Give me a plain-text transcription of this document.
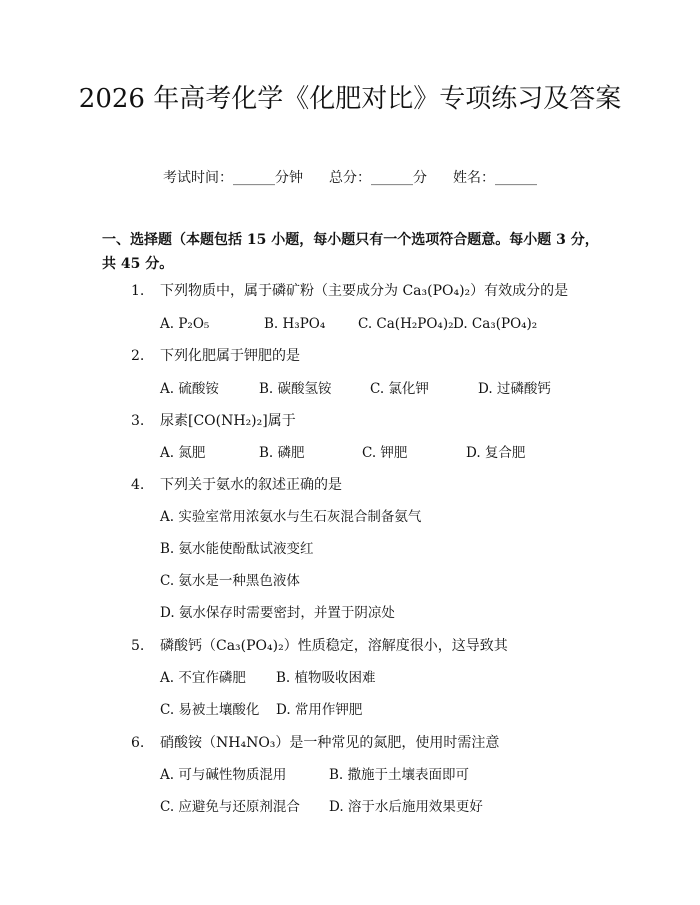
2026 年高考化学《化肥对比》专项练习及答案
考试时间：______分钟 总分：______分 姓名：______
一、选择题（本题包括 15 小题，每小题只有一个选项符合题意。每小题 3 分，共 45 分。
1. 下列物质中，属于磷矿粉（主要成分为 Ca₃(PO₄)₂）有效成分的是
A. P₂O₅	B. H₃PO₄ C. Ca(H₂PO₄)₂ D. Ca₃(PO₄)₂
2. 下列化肥属于钾肥的是
A. 硫酸铵	B. 碳酸氢铵	C. 氯化钾	D. 过磷酸钙
3. 尿素[CO(NH₂)₂]属于
A. 氮肥	B. 磷肥	C. 钾肥	D. 复合肥
4. 下列关于氨水的叙述正确的是
A. 实验室常用浓氨水与生石灰混合制备氨气
B. 氨水能使酚酞试液变红
C. 氨水是一种黑色液体
D. 氨水保存时需要密封，并置于阴凉处
5. 磷酸钙（Ca₃(PO₄)₂）性质稳定，溶解度很小，这导致其
A. 不宜作磷肥 B. 植物吸收困难
C. 易被土壤酸化 D. 常用作钾肥
6. 硝酸铵（NH₄NO₃）是一种常见的氮肥，使用时需注意
A. 可与碱性物质混用	B. 撒施于土壤表面即可
C. 应避免与还原剂混合 D. 溶于水后施用效果更好
